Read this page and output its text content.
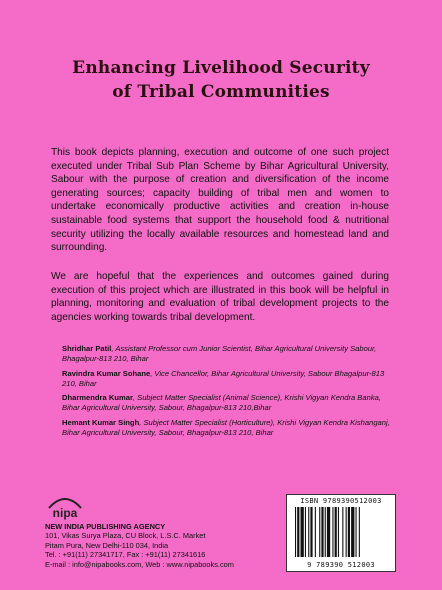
Enhancing Livelihood Security
of Tribal Communities
This book depicts planning, execution and outcome of one such project executed under Tribal Sub Plan Scheme by Bihar Agricultural University, Sabour with the purpose of creation and diversification of the income generating sources; capacity building of tribal men and women to undertake economically productive activities and creation in-house sustainable food systems that support the household food & nutritional security utilizing the locally available resources and homestead land and surrounding.
We are hopeful that the experiences and outcomes gained during execution of this project which are illustrated in this book will be helpful in planning, monitoring and evaluation of tribal development projects to the agencies working towards tribal development.
Shridhar Patil, Assistant Professor cum Junior Scientist, Bihar Agricultural University Sabour, Bhagalpur-813 210, Bihar
Ravindra Kumar Sohane, Vice Chancellor, Bihar Agricultural University, Sabour Bhagalpur-813 210, Bihar
Dharmendra Kumar, Subject Matter Specialist (Animal Science), Krishi Vigyan Kendra Banka, Bihar Agricultural University, Sabour, Bhagalpur-813 210,Bihar
Hemant Kumar Singh, Subject Matter Specialist (Horticulture), Krishi Vigyan Kendra Kishanganj, Bihar Agricultural University, Sabour, Bhagalpur-813 210, Bihar
nipa
NEW INDIA PUBLISHING AGENCY
101, Vikas Surya Plaza, CU Block, L.S.C. Market
Pitam Pura, New Delhi-110 034, India
Tel. : +91(11) 27341717, Fax : +91(11) 27341616
E-mail : info@nipabooks.com, Web : www.nipabooks.com
ISBN 9789390512003
9 789390 512003
